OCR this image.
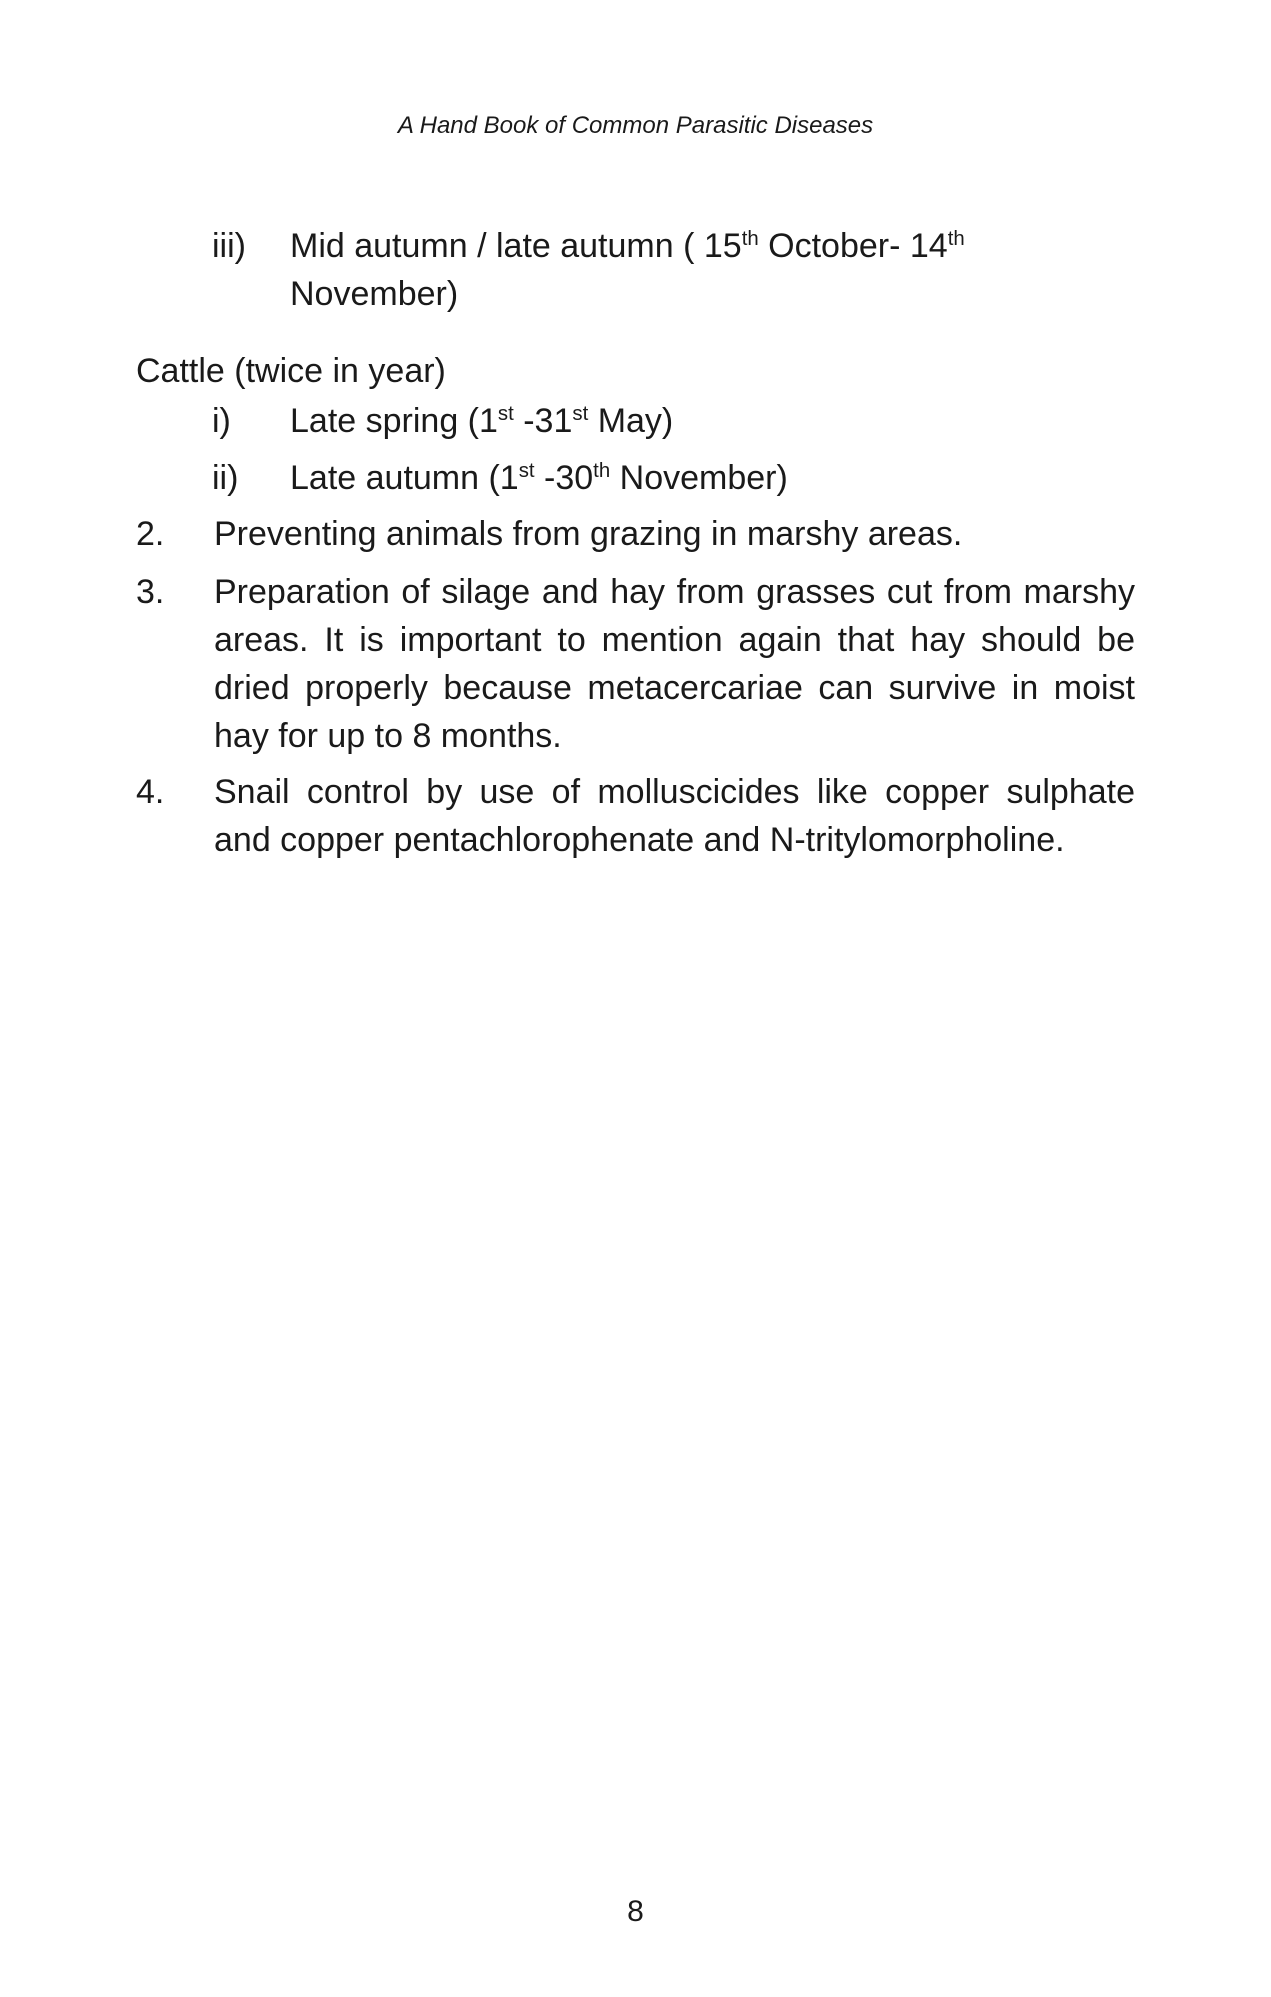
A Hand Book of Common Parasitic Diseases
iii) Mid autumn / late autumn ( 15th October- 14th November)
Cattle (twice in year)
i) Late spring (1st -31st May)
ii) Late autumn (1st -30th November)
2. Preventing animals from grazing in marshy areas.
3. Preparation of silage and hay from grasses cut from marshy areas. It is important to mention again that hay should be dried properly because metacercariae can survive in moist hay for up to 8 months.
4. Snail control by use of molluscicides like copper sulphate and copper pentachlorophenate and N-tritylomorpholine.
8
